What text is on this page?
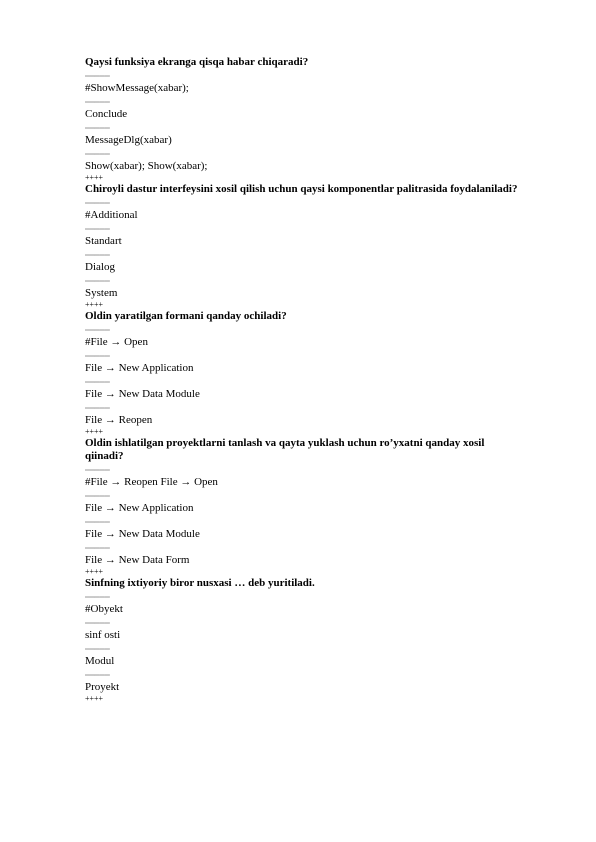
Qaysi funksiya ekranga qisqa habar chiqaradi?

═════

#ShowMessage(xabar);

═════

Conclude

═════

MessageDlg(xabar)

═════

Show(xabar); Show(xabar);

++++

Chiroyli dastur interfeysini xosil qilish uchun qaysi komponentlar palitrasida foydalaniladi?

═════

#Additional

═════

Standart

═════

Dialog

═════

System

++++

Oldin yaratilgan formani qanday ochiladi?

═════

#File → Open

═════

File → New Application

═════

File → New Data Module

═════

File → Reopen

++++

Oldin ishlatilgan proyektlarni tanlash va qayta yuklash uchun ro’yxatni qanday xosil qiinadi?

═════

#File → Reopen File → Open

═════

File → New Application

═════

File → New Data Module

═════

File → New Data Form

++++

Sinfning ixtiyoriy biror nusxasi … deb yuritiladi.

═════

#Obyekt

═════

sinf osti

═════

Modul

═════

Proyekt

++++
